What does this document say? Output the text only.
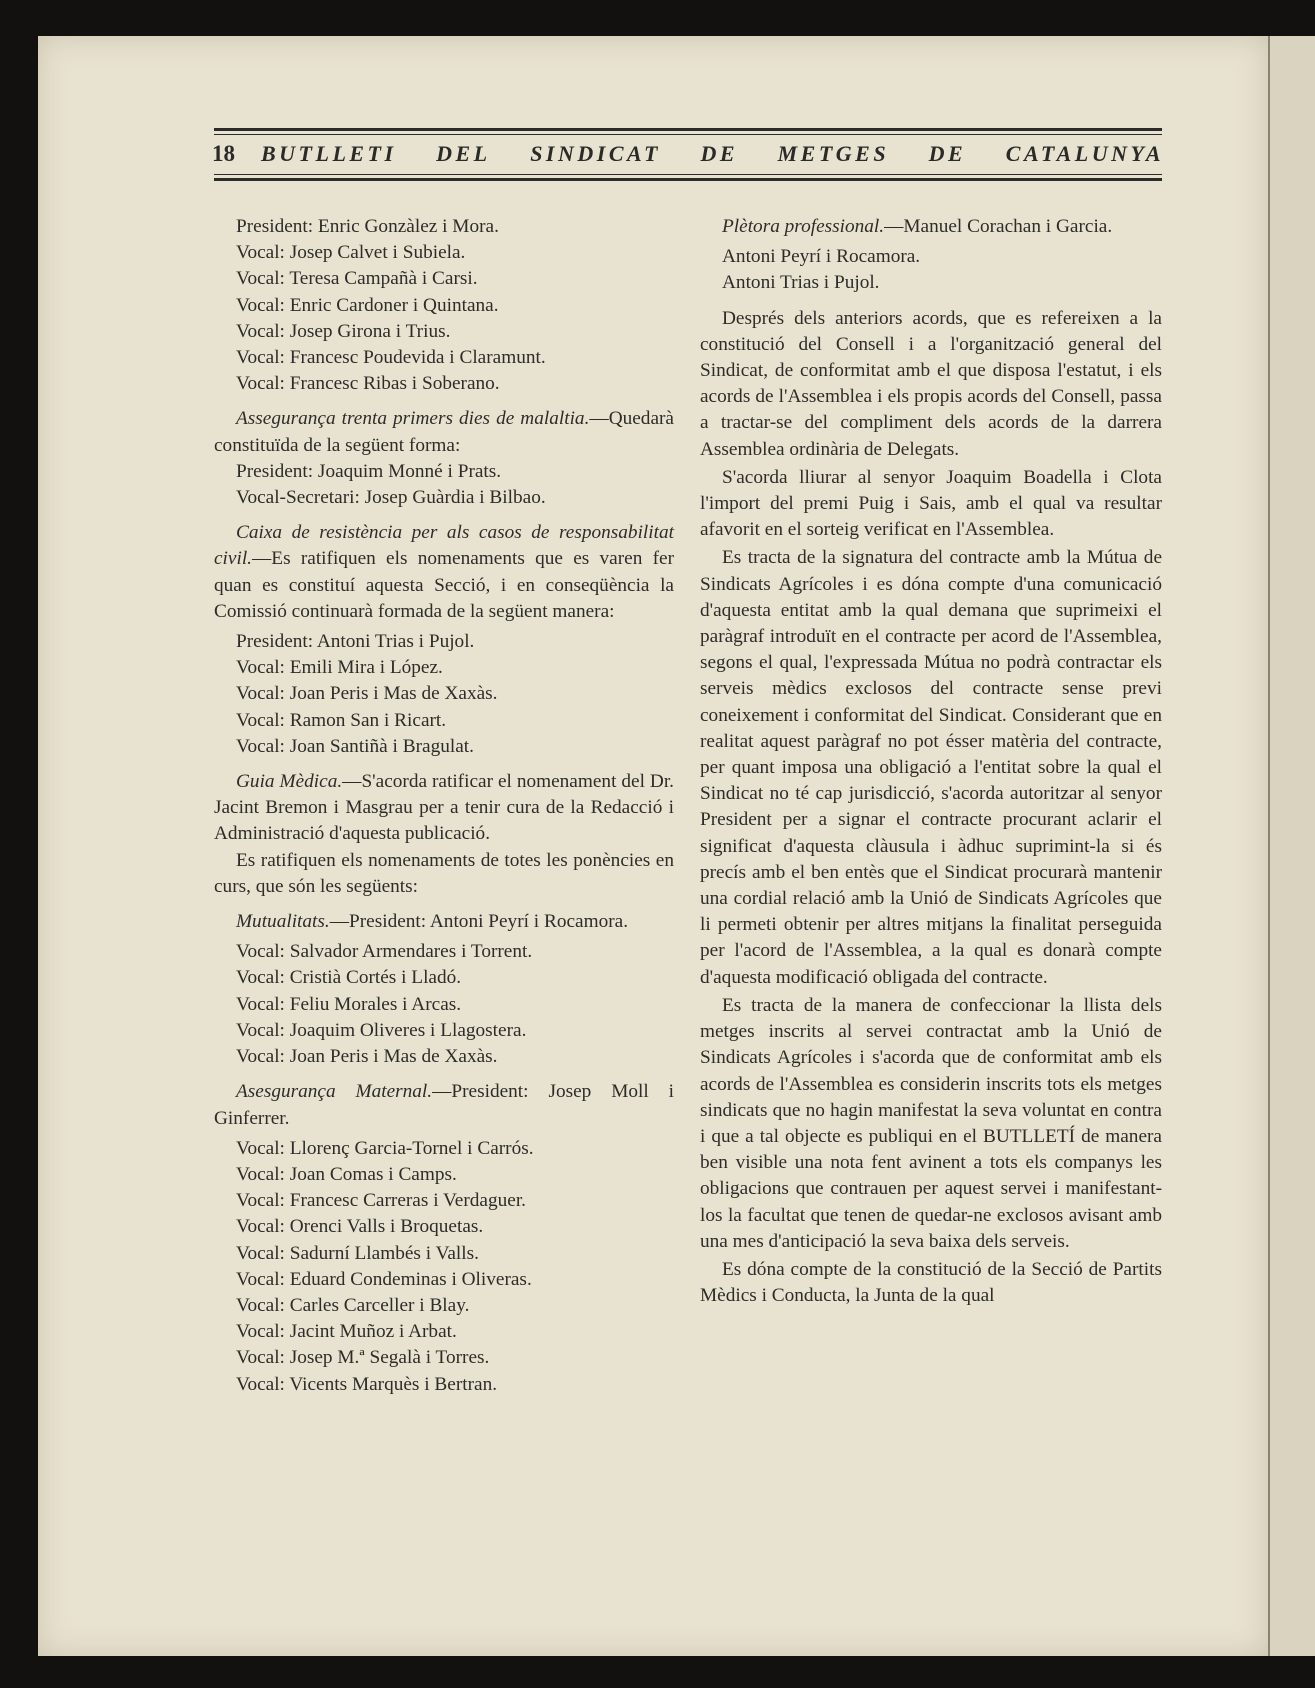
18 BUTLLETI DEL SINDICAT DE METGES DE CATALUNYA

President: Enric Gonzàlez i Mora.

Vocal: Josep Calvet i Subiela.

Vocal: Teresa Campañà i Carsi.

Vocal: Enric Cardoner i Quintana.

Vocal: Josep Girona i Trius.

Vocal: Francesc Poudevida i Claramunt.

Vocal: Francesc Ribas i Soberano.

Assegurança trenta primers dies de malaltia.—Quedarà constituïda de la següent forma:

President: Joaquim Monné i Prats.

Vocal-Secretari: Josep Guàrdia i Bilbao.

Caixa de resistència per als casos de responsabilitat civil.—Es ratifiquen els nomenaments que es varen fer quan es constituí aquesta Secció, i en conseqüència la Comissió continuarà formada de la següent manera:

President: Antoni Trias i Pujol.

Vocal: Emili Mira i López.

Vocal: Joan Peris i Mas de Xaxàs.

Vocal: Ramon San i Ricart.

Vocal: Joan Santiñà i Bragulat.

Guia Mèdica.—S'acorda ratificar el nomenament del Dr. Jacint Bremon i Masgrau per a tenir cura de la Redacció i Administració d'aquesta publicació.

Es ratifiquen els nomenaments de totes les ponències en curs, que són les següents:

Mutualitats.—President: Antoni Peyrí i Rocamora.

Vocal: Salvador Armendares i Torrent.

Vocal: Cristià Cortés i Lladó.

Vocal: Feliu Morales i Arcas.

Vocal: Joaquim Oliveres i Llagostera.

Vocal: Joan Peris i Mas de Xaxàs.

Asesgurança Maternal.—President: Josep Moll i Ginferrer.

Vocal: Llorenç Garcia-Tornel i Carrós.

Vocal: Joan Comas i Camps.

Vocal: Francesc Carreras i Verdaguer.

Vocal: Orenci Valls i Broquetas.

Vocal: Sadurní Llambés i Valls.

Vocal: Eduard Condeminas i Oliveras.

Vocal: Carles Carceller i Blay.

Vocal: Jacint Muñoz i Arbat.

Vocal: Josep M.ª Segalà i Torres.

Vocal: Vicents Marquès i Bertran.

Plètora professional.—Manuel Corachan i Garcia.

Antoni Peyrí i Rocamora.

Antoni Trias i Pujol.

Després dels anteriors acords, que es refereixen a la constitució del Consell i a l'organització general del Sindicat, de conformitat amb el que disposa l'estatut, i els acords de l'Assemblea i els propis acords del Consell, passa a tractar-se del compliment dels acords de la darrera Assemblea ordinària de Delegats.

S'acorda lliurar al senyor Joaquim Boadella i Clota l'import del premi Puig i Sais, amb el qual va resultar afavorit en el sorteig verificat en l'Assemblea.

Es tracta de la signatura del contracte amb la Mútua de Sindicats Agrícoles i es dóna compte d'una comunicació d'aquesta entitat amb la qual demana que suprimeixi el paràgraf introduït en el contracte per acord de l'Assemblea, segons el qual, l'expressada Mútua no podrà contractar els serveis mèdics exclosos del contracte sense previ coneixement i conformitat del Sindicat. Considerant que en realitat aquest paràgraf no pot ésser matèria del contracte, per quant imposa una obligació a l'entitat sobre la qual el Sindicat no té cap jurisdicció, s'acorda autoritzar al senyor President per a signar el contracte procurant aclarir el significat d'aquesta clàusula i àdhuc suprimint-la si és precís amb el ben entès que el Sindicat procurarà mantenir una cordial relació amb la Unió de Sindicats Agrícoles que li permeti obtenir per altres mitjans la finalitat perseguida per l'acord de l'Assemblea, a la qual es donarà compte d'aquesta modificació obligada del contracte.

Es tracta de la manera de confeccionar la llista dels metges inscrits al servei contractat amb la Unió de Sindicats Agrícoles i s'acorda que de conformitat amb els acords de l'Assemblea es considerin inscrits tots els metges sindicats que no hagin manifestat la seva voluntat en contra i que a tal objecte es publiqui en el BUTLLETÍ de manera ben visible una nota fent avinent a tots els companys les obligacions que contrauen per aquest servei i manifestant-los la facultat que tenen de quedar-ne exclosos avisant amb una mes d'anticipació la seva baixa dels serveis.

Es dóna compte de la constitució de la Secció de Partits Mèdics i Conducta, la Junta de la qual
